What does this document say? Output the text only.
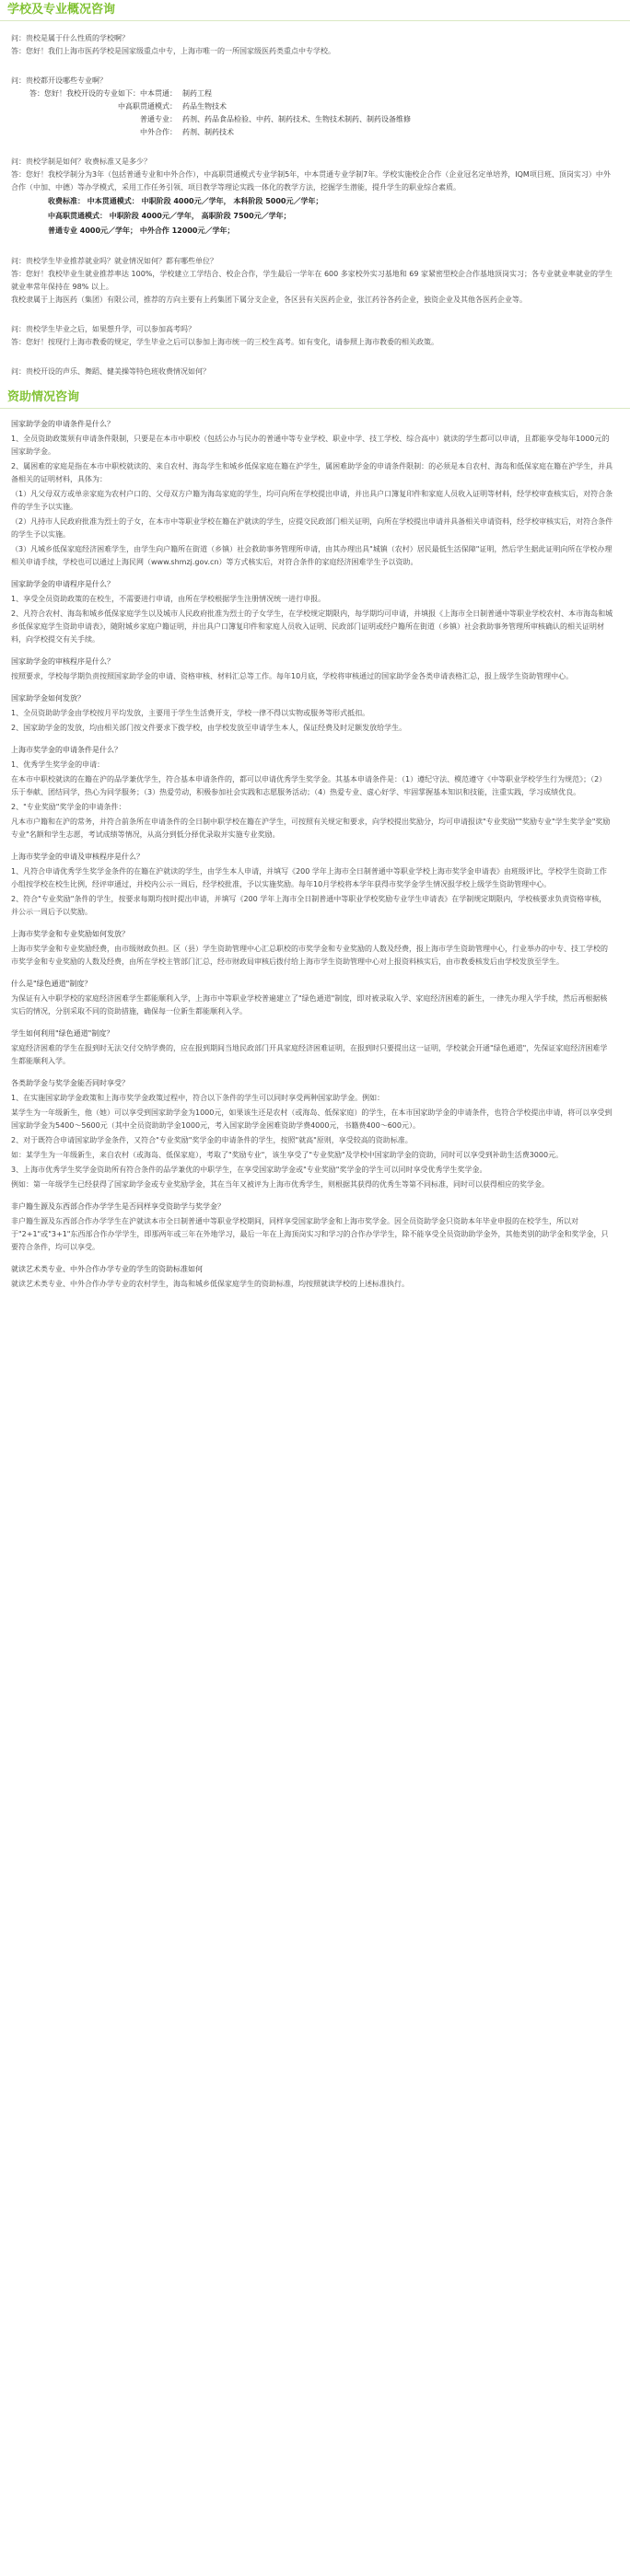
学校及专业概况咨询
问：贵校是属于什么性质的学校啊？
答：您好！我们上海市医药学校是国家级重点中专，上海市唯一的一所国家级医药类重点中专学校。
问：贵校都开设哪些专业啊？
答：您好！我校开设的专业如下：中本贯通： 制药工程
中高职贯通模式： 药品生物技术
普通专业： 药剂、药品食品检验、中药、制药技术、生物技术制药、制药设备维修
中外合作： 药剂、制药技术
问：贵校学制是如何？收费标准又是多少？
答：您好！我校学制分为3年（包括普通专业和中外合作），中高职贯通模式专业学制5年，中本贯通专业学制7年。学校实施校企合作（企业冠名定单培养，IQM项目班、顶岗实习）中外合作（中加、中德）等办学模式，采用工作任务引领、项目教学等理论实践一体化的教学方法，挖掘学生潜能，提升学生的职业综合素质。
收费标准： 中本贯通模式： 中职阶段 4000元／学年， 本科阶段 5000元／学年；
中高职贯通模式： 中职阶段 4000元／学年， 高职阶段 7500元／学年；
普通专业 4000元／学年； 中外合作 12000元／学年；
问：贵校学生毕业推荐就业吗？就业情况如何？都有哪些单位？
答：您好！我校毕业生就业推荐率达 100%，学校建立工学结合、校企合作，学生最后一学年在 600 多家校外实习基地和 69 家紧密型校企合作基地顶岗实习；各专业就业率就业的学生就业率常年保持在 98% 以上。
我校隶属于上海医药（集团）有限公司，推荐的方向主要有上药集团下属分支企业，各区县有关医药企业，张江药谷各药企业，独资企业及其他各医药企业等。
问：贵校学生毕业之后，如果想升学，可以参加高考吗？
答：您好！按现行上海市教委的规定，学生毕业之后可以参加上海市统一的三校生高考。如有变化，请参照上海市教委的相关政策。
问：贵校开设的声乐、舞蹈、健美操等特色班收费情况如何？
资助情况咨询
国家助学金的申请条件是什么？
1、全员资助政策须有申请条件限制，只要是在本市中职校（包括公办与民办的普通中等专业学校、职业中学、技工学校、综合高中）就读的学生都可以申请，且都能享受每年1000元的国家助学金。
2、属困难的家庭是指在本市中职校就读的、来自农村、海岛学生和城乡低保家庭在籍在沪学生，属困难助学金的申请条件限制：的必须是本自农村、海岛和低保家庭在籍在沪学生，并具备相关的证明材料，具体为：
（1）凡父母双方或单亲家庭为农村户口的、父母双方户籍为海岛家庭的学生，均可向所在学校提出申请，并出具户口簿复印件和家庭人员收入证明等材料，经学校审查核实后，对符合条件的学生予以实施。
（2）凡持市人民政府批准为烈士的子女，在本市中等职业学校在籍在沪就读的学生，应提交民政部门相关证明，向所在学校提出申请并具备相关申请资料，经学校审核实后，对符合条件的学生予以实施。
（3）凡城乡低保家庭经济困难学生，由学生向户籍所在街道（乡镇）社会救助事务管理所申请，由其办理出具"城镇（农村）居民最低生活保障"证明，然后学生据此证明向所在学校办理相关申请手续，学校也可以通过上海民网（www.shmzj.gov.cn）等方式核实后，对符合条件的家庭经济困难学生予以资助。
国家助学金的申请程序是什么？
1、享受全员资助政策的在校生，不需要进行申请，由所在学校根据学生注册情况统一进行申报。
2、凡符合农村、海岛和城乡低保家庭学生以及城市人民政府批准为烈士的子女学生，在学校规定期限内，每学期均可申请，并填报《上海市全日制普通中等职业学校农村、本市海岛和城乡低保家庭学生资助申请表》，随附城乡家庭户籍证明，并出具户口簿复印件和家庭人员收入证明、民政部门证明或经户籍所在街道（乡镇）社会救助事务管理所审核确认的相关证明材料，向学校提交有关手续。
国家助学金的审核程序是什么？
按照要求，学校每学期负责按照国家助学金的申请、资格审核、材料汇总等工作。每年10月底，学校将审核通过的国家助学金各类申请表格汇总，报上级学生资助管理中心。
国家助学金如何发放？
1、全员资助助学金由学校按月平均发放，主要用于学生生活费开支，学校一律不得以实物或服务等形式抵扣。
2、国家助学金的发放，均由相关部门按文件要求下拨学校，由学校发放至申请学生本人，保证经费及时足额发放给学生。
上海市奖学金的申请条件是什么？
1、优秀学生奖学金的申请：
在本市中职校就读的在籍在沪的品学兼优学生，符合基本申请条件的，都可以申请优秀学生奖学金。其基本申请条件是：（1）遵纪守法、模范遵守《中等职业学校学生行为规范》；（2）乐于奉献、团结同学，热心为同学服务；（3）热爱劳动，积极参加社会实践和志愿服务活动；（4）热爱专业、虚心好学、牢固掌握基本知识和技能，注重实践，学习成绩优良。
2、"专业奖励"奖学金的申请条件：
凡本市户籍和在沪的常务，并符合前条所在申请条件的全日制中职学校在籍在沪学生，可按照有关规定和要求，向学校提出奖励分，均可申请报读"专业奖励""奖励专业"学生奖学金"奖励专业"名额和学生志愿，考试成绩等情况，从高分到低分择优录取并实施专业奖励。
上海市奖学金的申请及审核程序是什么？
1、凡符合申请优秀学生奖学金条件的在籍在沪就读的学生，由学生本人申请，并填写《200 学年上海市全日制普通中等职业学校上海市奖学金申请表》由班级评比，学校学生资助工作小组按学校在校生比例，经评审通过，并校内公示一周后，经学校批准，予以实施奖励。每年10月学校将本学年获得市奖学金学生情况报学校上级学生资助管理中心。
2、符合"专业奖励"条件的学生，按要求每期均按时提出申请，并填写《200 学年上海市全日制普通中等职业学校奖励专业学生申请表》在学制规定期限内，学校核要求负责资格审核，并公示一周后予以奖励。
上海市奖学金和专业奖励如何发放？
上海市奖学金和专业奖励经费，由市级财政负担。区（县）学生资助管理中心汇总职校的市奖学金和专业奖励的人数及经费，报上海市学生资助管理中心，行业举办的中专、技工学校的市奖学金和专业奖励的人数及经费，由所在学校主管部门汇总，经市财政局审核后拨付给上海市学生资助管理中心对上报资料核实后，由市教委核发后由学校发放至学生。
什么是"绿色通道"制度？
为保证有入中职学校的家庭经济困难学生都能顺利入学，上海市中等职业学校普遍建立了"绿色通道"制度，即对被录取入学、家庭经济困难的新生，一律先办理入学手续，然后再根据核实后的情况，分别采取不同的资助措施，确保每一位新生都能顺利入学。
学生如何利用"绿色通道"制度？
家庭经济困难的学生在报到时无法交付交纳学费的，应在报到期间当地民政部门开具家庭经济困难证明，在报到时只要提出这一证明，学校就会开通"绿色通道"，先保证家庭经济困难学生都能顺利入学。
各类助学金与奖学金能否同时享受？
1、在实施国家助学金政策和上海市奖学金政策过程中，符合以下条件的学生可以同时享受两种国家助学金。例如：
某学生为一年级新生，他（她）可以享受到国家助学金为1000元，如果该生还是农村（或海岛、低保家庭）的学生，在本市国家助学金的申请条件，也符合学校提出申请，将可以享受到国家助学金为5400～5600元（其中全员资助助学金1000元，考入国家助学金困难资助学费4000元，书籍费400～600元）。
2、对于既符合申请国家助学金条件，又符合"专业奖励"奖学金的申请条件的学生，按照"就高"原则，享受较高的资助标准。
如：某学生为一年级新生，来自农村（或海岛、低保家庭），考取了"奖励专业"，该生享受了"专业奖励"及学校中国家助学金的资助，同时可以享受到补助生活费3000元。
3、上海市优秀学生奖学金资助所有符合条件的品学兼优的中职学生，在享受国家助学金或"专业奖励"奖学金的学生可以同时享受优秀学生奖学金。
例如：第一年级学生已经获得了国家助学金或专业奖励学金，其在当年又被评为上海市优秀学生，则根据其获得的优秀生等第不同标准，同时可以获得相应的奖学金。
非户籍生源及东西部合作办学学生是否同样享受资助学与奖学金？
非户籍生源及东西部合作办学学生在沪就读本市全日制普通中等职业学校期间，同样享受国家助学金和上海市奖学金。因全员资助学金只资助本年毕业申报的在校学生，所以对于"2+1"或"3+1"东西部合作办学学生，即那两年或三年在外地学习，最后一年在上海顶岗实习和学习的合作办学学生，除不能享受全员资助助学金外，其他类别的助学金和奖学金，只要符合条件，均可以享受。
就读艺术类专业、中外合作办学专业的学生的资助标准如何
就读艺术类专业、中外合作办学专业的农村学生，海岛和城乡低保家庭学生的资助标准，均按照就读学校的上述标准执行。
